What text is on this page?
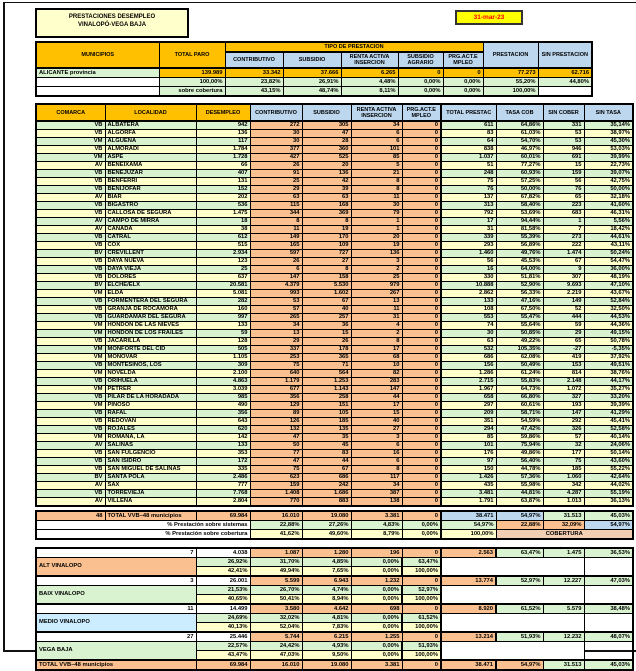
PRESTACIONES DESEMPLEO
VINALOPÓ-VEGA BAJA
31-mar-23
MUNICIPIOS	TOTAL PARO	TIPO DE PRESTACION					PRESTACION	SIN PRESTACION
		CONTRIBUTIVO	SUBSIDIO	RENTA ACTIVA INSERCION	SUBSIDIO AGRARIO	PRG.ACT.E MPLEO		
ALICANTE provincia	139.989	33.342	37.666	6.265	0	0	77.273	62.716
	100,00%	23,82%	26,91%	4,48%	0,00%	0,00%	55,20%	44,80%
	sobre cobertura	43,15%	48,74%	8,11%	0,00%	0,00%	100,00%	
COMARCA	LOCALIDAD	DESEMPLEO	CONTRIBUTIVO	SUBSIDIO	RENTA ACTIVA INSERCION	PRG.ACT.E MPLEO	TOTAL PRESTAC	TASA COB	SIN COBER	SIN TASA
VB	ALBATERA	942	272	305	34	0	611	64,86%	331	35,14%
VB	ALGORFA	136	30	47	6	0	83	61,03%	53	38,97%
VM	ALGUEÑA	117	30	28	6	0	64	54,70%	53	45,30%
VB	ALMORADI	1.784	377	360	101	0	838	46,97%	946	53,03%
VM	ASPE	1.728	427	525	85	0	1.037	60,01%	691	39,99%
AV	BENEIXAMA	66	26	20	5	0	51	77,27%	15	22,73%
VB	BENEJUZAR	407	91	136	21	0	248	60,93%	159	39,07%
VB	BENFERRI	131	25	42	8	0	75	57,25%	56	42,75%
VB	BENIJOFAR	152	29	39	8	0	76	50,00%	76	50,00%
AV	BIAR	202	63	63	11	0	137	67,82%	65	32,18%
VB	BIGASTRO	536	115	168	30	0	313	58,40%	223	41,60%
VB	CALLOSA DE SEGURA	1.475	344	369	79	0	792	53,69%	683	46,31%
AV	CAMPO DE MIRRA	18	8	8	1	0	17	94,44%	1	5,56%
AV	CAÑADA	38	11	19	1	0	31	81,58%	7	18,42%
VB	CATRAL	612	149	170	20	0	339	55,39%	273	44,61%
VB	COX	515	165	109	19	0	293	56,89%	222	43,11%
BV	CREVILLENT	2.934	597	727	136	0	1.460	49,76%	1.474	50,24%
VB	DAYA NUEVA	123	26	27	3	0	56	45,53%	67	54,47%
VB	DAYA VIEJA	25	6	8	2	0	16	64,00%	9	36,00%
VB	DOLORES	637	147	158	25	0	330	51,81%	307	48,19%
BV	ELCHE/ELX	20.581	4.379	5.530	979	0	10.888	52,90%	9.693	47,10%
VM	ELDA	5.081	993	1.602	267	0	2.862	56,33%	2.219	43,67%
VB	FORMENTERA DEL SEGURA	282	53	67	13	0	133	47,16%	149	52,84%
VB	GRANJA DE ROCAMORA	160	57	40	11	0	108	67,50%	52	32,50%
VB	GUARDAMAR DEL SEGURA	997	265	257	31	0	553	55,47%	444	44,53%
VM	HONDÓN DE LAS NIEVES	133	34	36	4	0	74	55,64%	59	44,36%
VM	HONDÓN DE LOS FRAILES	59	13	15	2	0	30	50,85%	29	49,15%
VB	JACARILLA	128	29	26	8	0	63	49,22%	65	50,78%
VM	MONFORTE DEL CID	505	337	178	17	0	532	105,35%	-27	-5,35%
VM	MONÓVAR	1.105	253	365	68	0	686	62,08%	419	37,92%
VB	MONTESINOS, LOS	309	75	71	10	0	156	50,49%	153	49,51%
VM	NOVELDA	2.100	640	564	82	0	1.286	61,24%	814	38,76%
VB	ORIHUELA	4.863	1.179	1.253	283	0	2.715	55,83%	2.148	44,17%
VM	PETRER	3.039	677	1.143	147	0	1.967	64,73%	1.072	35,27%
VB	PILAR DE LA HORADADA	985	356	258	44	0	658	66,80%	327	33,20%
VM	PINOSO	490	129	151	17	0	297	60,61%	193	39,39%
VB	RAFAL	356	89	105	15	0	209	58,71%	147	41,29%
VB	REDOVAN	643	126	185	40	0	351	54,59%	292	45,41%
VB	ROJALES	620	132	135	27	0	294	47,42%	326	52,58%
VM	ROMANA, LA	142	47	35	3	0	85	59,86%	57	40,14%
AV	SALINAS	133	50	45	6	0	101	75,94%	32	24,06%
VB	SAN FULGENCIO	353	77	83	16	0	176	49,86%	177	50,14%
VB	SAN ISIDRO	172	47	44	6	0	97	56,40%	75	43,60%
VB	SAN MIGUEL DE SALINAS	335	75	67	8	0	150	44,78%	185	55,22%
BV	SANTA POLA	2.486	623	686	117	0	1.426	57,36%	1.060	42,64%
AV	SAX	777	159	242	34	0	435	55,98%	342	44,02%
VB	TORREVIEJA	7.768	1.408	1.686	387	0	3.481	44,81%	4.287	55,19%
AV	VILLENA	2.804	770	883	138	0	1.791	63,87%	1.013	36,13%
48	TOTAL VVB–48 municipios	69.984	16.010	19.080	3.381	0	38.471	54,97%	31.513	45,03%
% Prestación sobre sistemas			22,88%	27,26%	4,83%	0,00%	54,97%	22,88%	32,09%	54,97%
% Prestación sobre cobertura			41,62%	49,60%	8,79%	0,00%	100,00%	COBERTURA		
7	4.038	1.087	1.280	196	0	2.563	63,47%	1.475	36,53%
ALT VINALOPO	26,92%	31,70%	4,85%	0,00%	63,47%				
	42,41%	49,94%	7,65%	0,00%	100,00%				
3	26.001	5.599	6.943	1.232	0	13.774	52,97%	12.227	47,03%
BAIX VINALOPO	21,53%	26,70%	4,74%	0,00%	52,97%				
	40,65%	50,41%	8,94%	0,00%	100,00%				
11	14.499	3.580	4.642	698	0	8.920	61,52%	5.579	38,48%
MEDIO VINALOPO	24,69%	32,02%	4,81%	0,00%	61,52%				
	40,13%	52,04%	7,83%	0,00%	100,00%				
27	25.446	5.744	6.215	1.255	0	13.214	51,93%	12.232	48,07%
VEGA BAJA	22,57%	24,42%	4,93%	0,00%	51,93%				
	43,47%	47,03%	9,50%	0,00%	100,00%				
TOTAL VVB–48 municipios	69.984	16.010	19.080	3.381	0	38.471	54,97%	31.513	45,03%
